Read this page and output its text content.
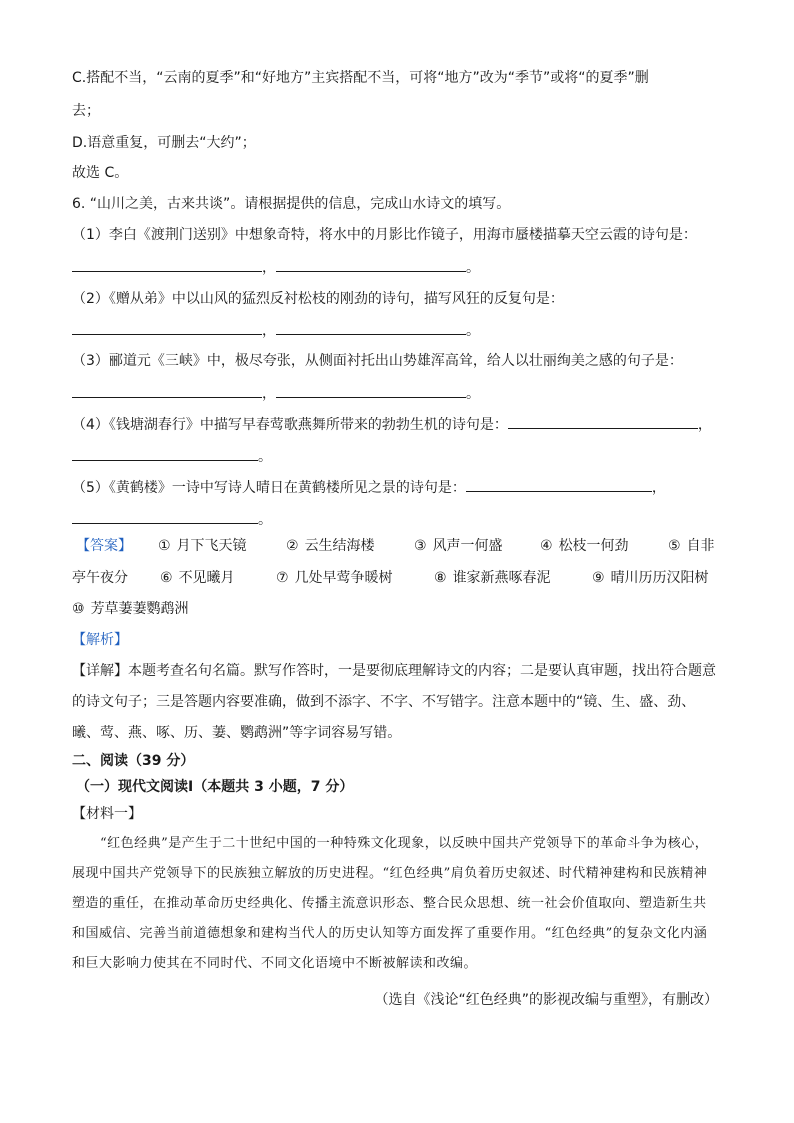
C.搭配不当，“云南的夏季”和“好地方”主宾搭配不当，可将“地方”改为“季节”或将“的夏季”删
去；
D.语意重复，可删去“大约”；
故选 C。
6. “山川之美，古来共谈”。请根据提供的信息，完成山水诗文的填写。
（1）李白《渡荆门送别》中想象奇特，将水中的月影比作镜子，用海市蜃楼描摹天空云霞的诗句是：
，	。
（2）《赠从弟》中以山风的猛烈反衬松枝的刚劲的诗句，描写风狂的反复句是：
，	。
（3）郦道元《三峡》中，极尽夸张，从侧面衬托出山势雄浑高耸，给人以壮丽绚美之感的句子是：
，	。
（4）《钱塘湖春行》中描写早春莺歌燕舞所带来的勃勃生机的诗句是：	，
。
（5）《黄鹤楼》一诗中写诗人晴日在黄鹤楼所见之景的诗句是：	，
。
【答案】 ① 月下飞天镜	② 云生结海楼	③ 风声一何盛	④ 松枝一何劲	⑤ 自非
亭午夜分 ⑥ 不见曦月	⑦ 几处早莺争暖树	⑧ 谁家新燕啄春泥	⑨ 晴川历历汉阳树
⑩ 芳草萋萋鹦鹉洲
【解析】
【详解】本题考查名句名篇。默写作答时，一是要彻底理解诗文的内容；二是要认真审题，找出符合题意
的诗文句子；三是答题内容要准确，做到不添字、不字、不写错字。注意本题中的“镜、生、盛、劲、
曦、莺、燕、啄、历、萋、鹦鹉洲”等字词容易写错。
二、阅读（39 分）
（一）现代文阅读Ⅰ（本题共 3 小题，7 分）
【材料一】
“红色经典”是产生于二十世纪中国的一种特殊文化现象，以反映中国共产党领导下的革命斗争为核心，展现中国共产党领导下的民族独立解放的历史进程。“红色经典”肩负着历史叙述、时代精神建构和民族精神塑造的重任，在推动革命历史经典化、传播主流意识形态、整合民众思想、统一社会价值取向、塑造新生共和国威信、完善当前道德想象和建构当代人的历史认知等方面发挥了重要作用。“红色经典”的复杂文化内涵和巨大影响力使其在不同时代、不同文化语境中不断被解读和改编。
（选自《浅论“红色经典”的影视改编与重塑》，有删改）
